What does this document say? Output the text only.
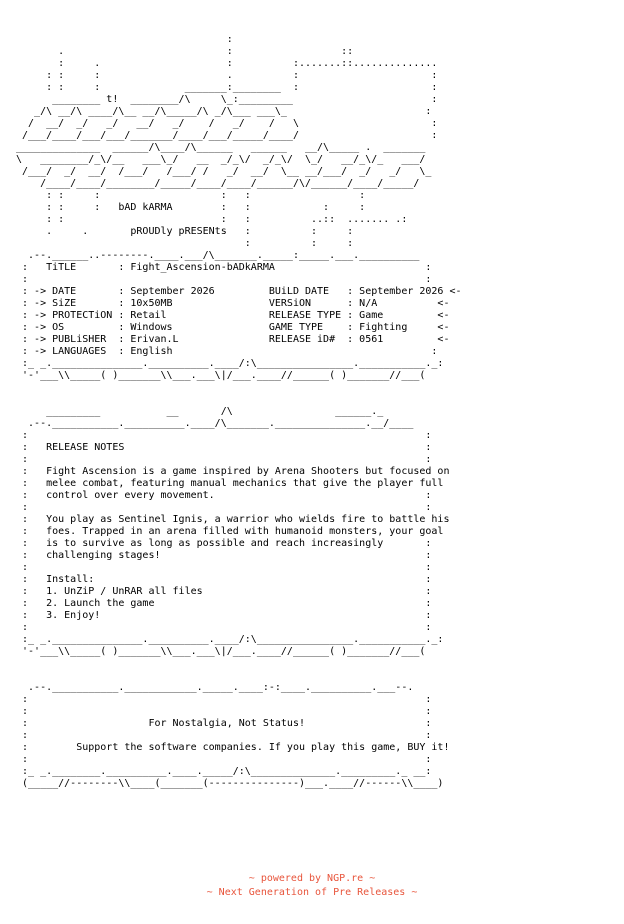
:
.                           :                  ::
:     .                     :          :.......::..............
: :     :                     .          :                      :
: :     :              _______:________  :                      :
________ t!  ________/\     \_:_________                       :
_/\ __/\ ____/\__ __/\_____/\ _/\___ ___\_                       :
/  __/  _/   _/   __/   _/    /   _/    /   \                      :
/___/____/___/___/_______/____/___/_____/____/                      :
______________  ______/\____/\______   ______   __/\_____ .  _______
\   ________/_\/__   ___\_/   __  _/_\/  _/_\/  \_/   __/_\/_   ___/
/___/  _/  __/  /___/   /___/ /   _/  __/  \__ __/___/  _/   _/   \_
/____/____/________/_____/____/____/______/\/______/____/_____/
: :     :                    :   :                  :
: :     :   bAD kARMA        :   :            :     :
: :                          :   :          ..::  ....... .:
.     .       pROUDly pRESENts   :          :     :
:          :     :
.--.______..--------.____.___/\_______._____:_____.___.__________
:   TiTLE       : Fight_Ascension-bADkARMA                         :
:                                                                  :
: -> DATE       : September 2026         BUiLD DATE   : September 2026 <-
: -> SiZE       : 10x50MB                VERSiON      : N/A          <-
: -> PROTECTiON : Retail                 RELEASE TYPE : Game         <-
: -> OS         : Windows                GAME TYPE    : Fighting     <-
: -> PUBLiSHER  : Erivan.L               RELEASE iD#  : 0561         <-
: -> LANGUAGES  : English                                           :
:_ _._______________.__________.____/:\________________.___________._:
'-'___\\_____( )_______\\___.___\|/___.____//______( )_______//___(

_________           __       /\                 ______._
.--.___________.__________.____/\_______._______________.__/____
:                                                                  :
:   RELEASE NOTES                                                  :
:                                                                  :
:   Fight Ascension is a game inspired by Arena Shooters but focused on
:   melee combat, featuring manual mechanics that give the player full
:   control over every movement.                                   :
:                                                                  :
:   You play as Sentinel Ignis, a warrior who wields fire to battle his
:   foes. Trapped in an arena filled with humanoid monsters, your goal
:   is to survive as long as possible and reach increasingly       :
:   challenging stages!                                            :
:                                                                  :
:   Install:                                                       :
:   1. UnZiP / UnRAR all files                                     :
:   2. Launch the game                                             :
:   3. Enjoy!                                                      :
:                                                                  :
:_ _._______________.__________.____/:\________________.___________._:
'-'___\\_____( )_______\\___.___\|/___.____//______( )_______//___(

.--.___________.____________._____.____:-:____.__________.___--.
:                                                                  :
:                                                                  :
:                    For Nostalgia, Not Status!                    :
:                                                                  :
:        Support the software companies. If you play this game, BUY it!
:                                                                  :
:_ _.________.__________.____._____/:\______________._________._ __:
(_____//--------\\____(_______(---------------)___.____//------\\____)
~ powered by NGP.re ~
~ Next Generation of Pre Releases ~
